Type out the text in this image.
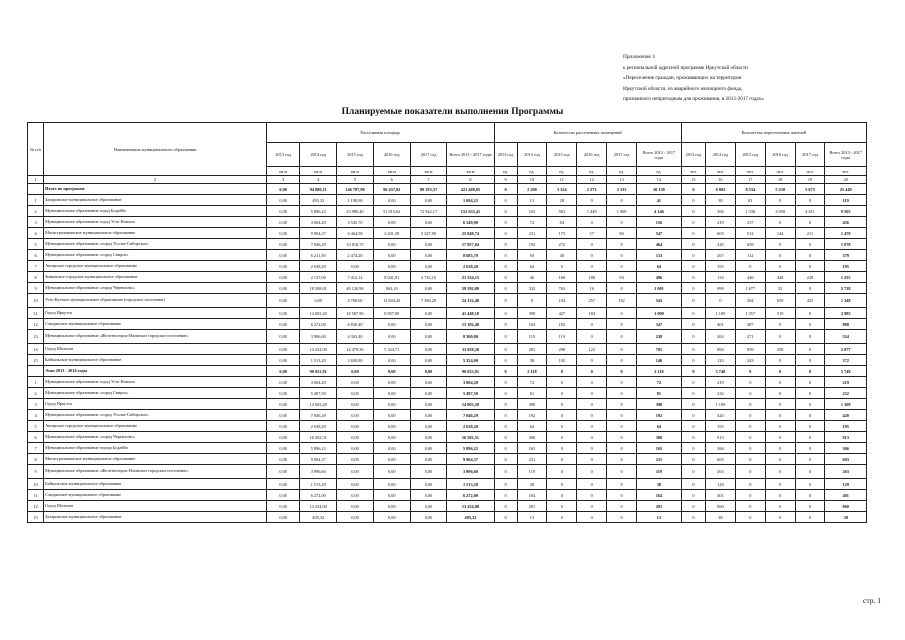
Приложение 3
к региональной адресной программе Иркутской области
«Переселение граждан, проживающих на территории
Иркутской области, из аварийного жилищного фонда,
признанного непригодным для проживания, в 2013-2017 годах»
Планируемые показатели выполнения Программы
№ п/п	Наименование муниципального образования	Расселяемая площадь						Количество расселенных помещений						Количество переселенных жителей					
		2013 год	2014 год	2015 год	2016 год	2017 год	Всего 2013 - 2017 годы	2013 год	2014 год	2015 год	2016 год	2017 год	Всего 2013 - 2017 годы	2013 год	2014 год	2015 год	2016 год	2017 год	Всего 2013 - 2017 годы
		кв.м	кв.м	кв.м	кв.м	кв.м	кв.м	ед.	ед.	ед.	ед.	ед.	ед.	чел.	чел.	чел.	чел.	чел.	чел.
1	2	3	4	5	6	7	8	9	10	11	12	13	14	15	16	17	18	19	20
	Итого по программе	0,00	94 880,11	146 797,98	90 437,82	89 293,37	421 408,05	0	2 208	3 324	2 273	2 333	10 138	0	6 002	8 534	5 238	5 675	25 449
1	Заларинское муниципальное образование	0,00	495,32	1 198,90	0,00	0,00	1 694,22	0	13	28	0	0	41	0	38	81	0	0	119
2	Муниципальное образование город Бодайбо	0,00	5 896,22	23 980,40	51 813,62	72 942,17	152 633,41	0	165	563	1 449	1 969	4 146	0	366	1 330	3 058	4 811	9 565
3	Муниципальное образование город Усть-Илимск	0,00	3 004,20	3 545,70	0,00	0,00	6 549,90	0	72	84	0	0	156	0	219	237	0	0	456
4	Магистральнинское муниципальное образование	0,00	9 904,37	6 464,58	3 431,59	5 247,90	25 048,74	0	231	173	57	86	547	0	603	512	144	211	1 470
5	Муниципальное образование «город Усолье-Сибирское»	0,00	7 046,29	10 810,75	0,00	0,00	17 857,04	0	192	272	0	0	464	0	420	658	0	0	1 078
6	Муниципальное образование «город Свирск»	0,00	6 211,50	2 474,20	0,00	0,00	8 685,70	0	93	40	0	0	133	0	267	112	0	0	379
7	Ангарское городское муниципальное образование	0,00	2 638,20	0,00	0,00	0,00	2 638,20	0	64	0	0	0	64	0	195	0	0	0	195
8	Зиминское городское муниципальное образование	0,00	2 137,00	7 412,14	8 041,91	3 743,10	21 334,15	0	46	168	188	94	496	0	133	446	448	228	1 255
9	Муниципальное образование «город Черемхово»	0,00	18 508,01	40 120,98	963,10	0,00	59 592,09	0	332	763	16	0	1 001	0	999	1 677	52	0	2 728
10	Усть-Кутское муниципальное образование (городское поселение)	0,00	0,00	4 768,00	12 604,20	7 360,20	24 132,40	0	0	104	257	182	543	0	0	264	659	425	1 348
11	Город Иркутск	0,00	14 003,20	18 587,90	8 857,00	0,00	41 448,10	0	398	427	184	0	1 009	0	1 109	1 357	519	0	2 985
12	Слюдянское муниципальное образование	0,00	6 272,00	6 830,40	0,00	0,00	13 102,40	0	164	183	0	0	347	0	401	487	0	0	888
13	Муниципальное образование «Железногорск-Илимское городское поселение»	0,00	3 996,60	4 303,40	0,00	0,00	8 300,00	0	119	119	0	0	238	0	263	271	0	0	534
14	Город Шелехов	0,00	13 254,00	14 479,50	5 324,71	0,00	33 058,20	0	281	298	122	0	701	0	860	859	358	0	2 077
15	Байкальское муниципальное образование	0,00	1 513,20	3 840,80	0,00	0,00	5 354,00	0	38	102	0	0	140	0	129	243	0	0	372
	Этап 2013 - 2014 годы	0,00	90 023,91	0,00	0,00	0,00	90 023,91	0	2 118	0	0	0	2 118	0	5 748	0	0	0	5 748
1	Муниципальное образование город Усть-Илимск	0,00	3 004,20	0,00	0,00	0,00	3 004,20	0	72	0	0	0	72	0	219	0	0	0	219
2	Муниципальное образование «город Свирск»	0,00	5 497,50	0,00	0,00	0,00	5 497,50	0	81	0	0	0	81	0	232	0	0	0	232
3	Город Иркутск	0,00	14 003,20	0,00	0,00	0,00	14 003,20	0	398	0	0	0	398	0	1 109	0	0	0	1 109
4	Муниципальное образование «город Усолье-Сибирское»	0,00	7 046,29	0,00	0,00	0,00	7 046,29	0	192	0	0	0	192	0	420	0	0	0	420
5	Ангарское городское муниципальное образование	0,00	2 638,20	0,00	0,00	0,00	2 638,20	0	64	0	0	0	64	0	195	0	0	0	195
6	Муниципальное образование «город Черемхово»	0,00	16 502,51	0,00	0,00	0,00	16 502,51	0	300	0	0	0	300	0	913	0	0	0	913
7	Муниципальное образование города Бодайбо	0,00	5 896,22	0,00	0,00	0,00	5 896,22	0	165	0	0	0	165	0	366	0	0	0	366
8	Магистральнинское муниципальное образование	0,00	9 904,37	0,00	0,00	0,00	9 904,37	0	231	0	0	0	231	0	603	0	0	0	603
9	Муниципальное образование «Железногорск-Илимское городское поселение»	0,00	3 996,60	0,00	0,00	0,00	3 996,60	0	119	0	0	0	119	0	263	0	0	0	263
10	Байкальское муниципальное образование	0,00	1 513,20	0,00	0,00	0,00	1 513,20	0	38	0	0	0	38	0	129	0	0	0	129
11	Слюдянское муниципальное образование	0,00	6 272,00	0,00	0,00	0,00	6 272,00	0	164	0	0	0	164	0	401	0	0	0	401
12	Город Шелехов	0,00	13 254,00	0,00	0,00	0,00	13 254,00	0	281	0	0	0	281	0	860	0	0	0	860
13	Заларинское муниципальное образование	0,00	495,32	0,00	0,00	0,00	495,32	0	13	0	0	0	13	0	38	0	0	0	38
стр. 1
